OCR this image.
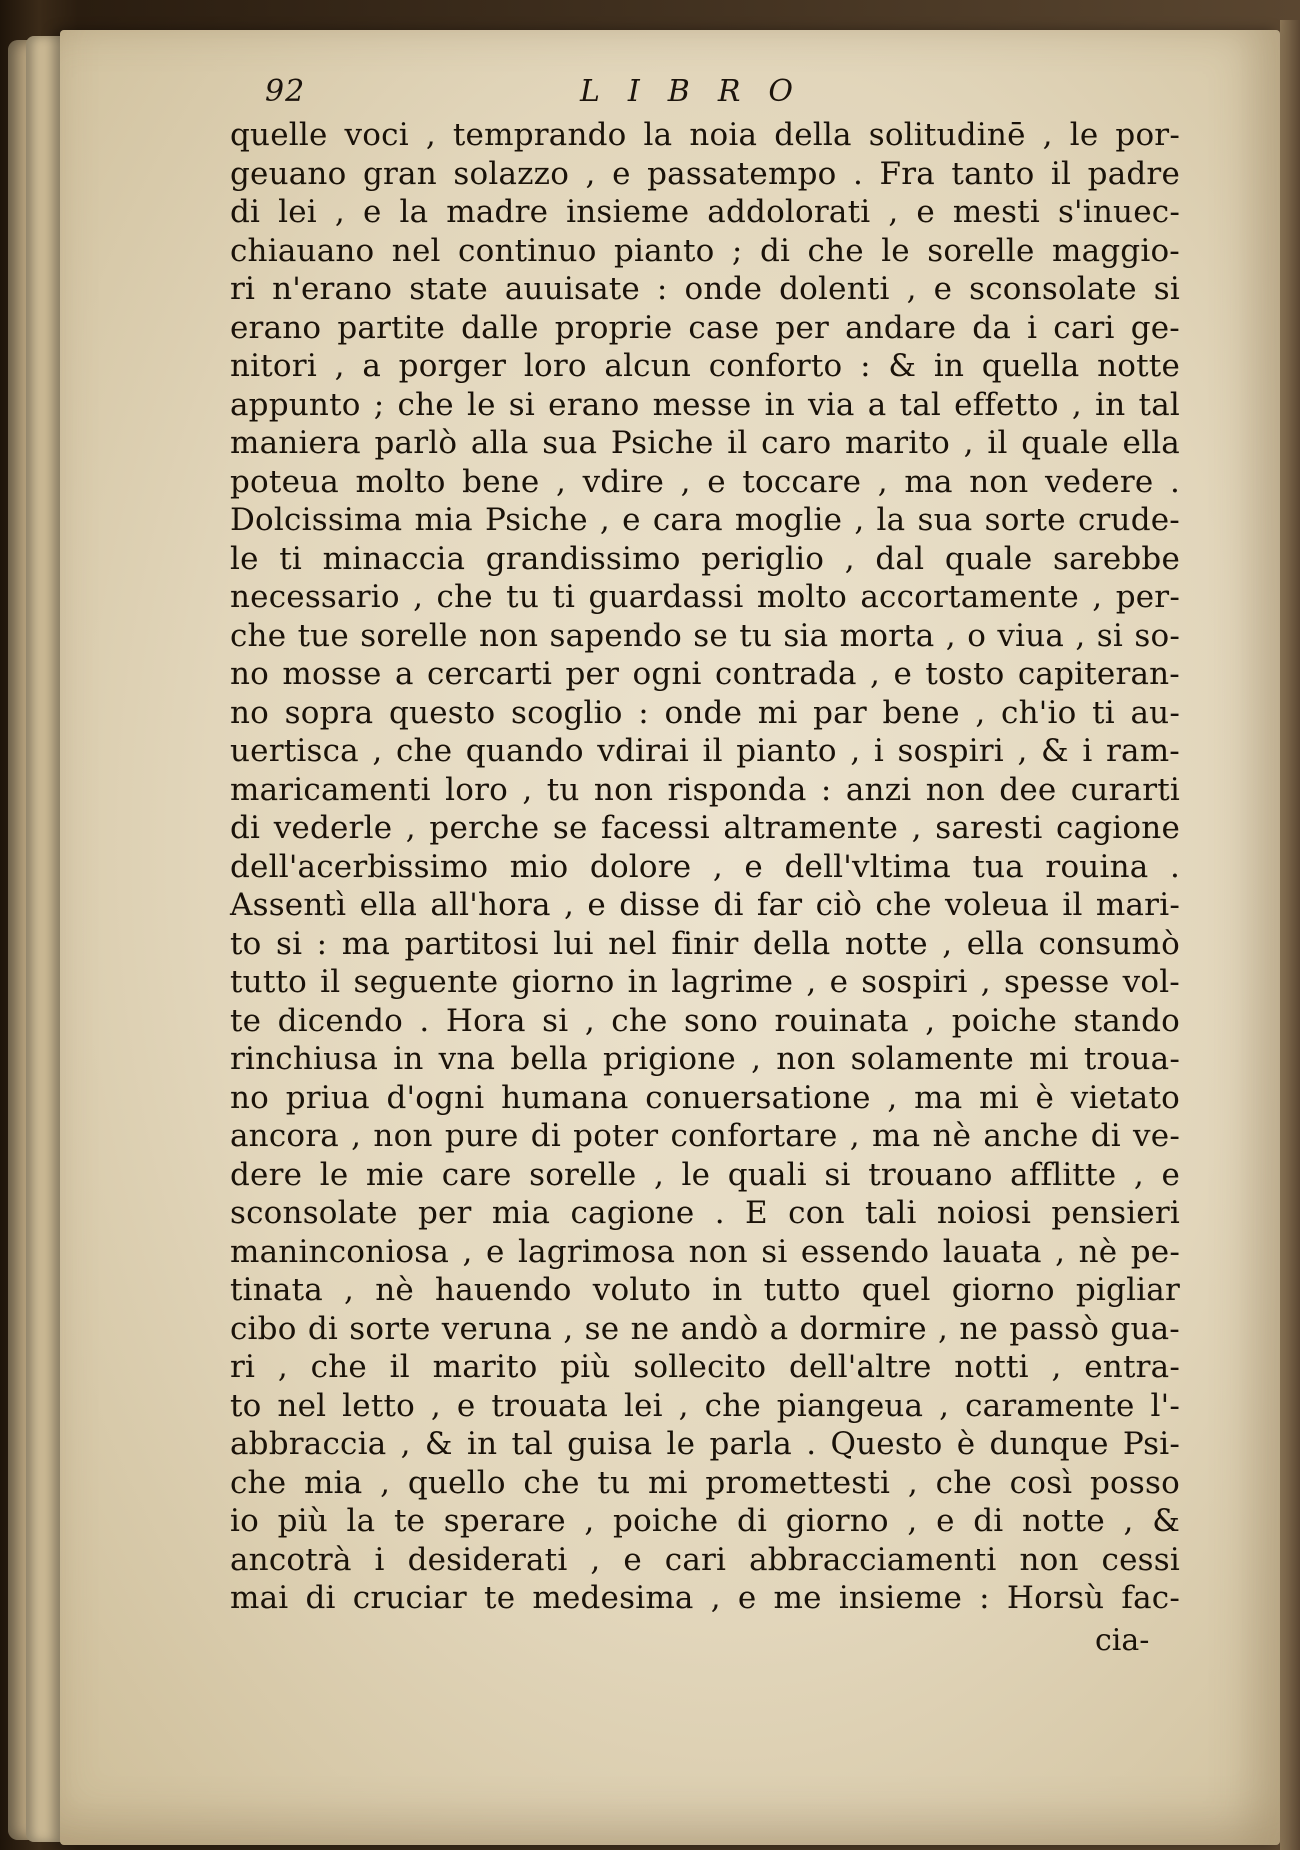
92	LIBRO
quelle voci , temprando la noia della solitudinē , le por-
geuano gran solazzo , e passatempo . Fra tanto il padre
di lei , e la madre insieme addolorati , e mesti s'inuec-
chiauano nel continuo pianto ; di che le sorelle maggio-
ri n'erano state auuisate : onde dolenti , e sconsolate si
erano partite dalle proprie case per andare da i cari ge-
nitori , a porger loro alcun conforto : & in quella notte
appunto ; che le si erano messe in via a tal effetto , in tal
maniera parlò alla sua Psiche il caro marito , il quale ella
poteua molto bene , vdire , e toccare , ma non vedere .
Dolcissima mia Psiche , e cara moglie , la sua sorte crude-
le ti minaccia grandissimo periglio , dal quale sarebbe
necessario , che tu ti guardassi molto accortamente , per-
che tue sorelle non sapendo se tu sia morta , o viua , si so-
no mosse a cercarti per ogni contrada , e tosto capiteran-
no sopra questo scoglio : onde mi par bene , ch'io ti au-
uertisca , che quando vdirai il pianto , i sospiri , & i ram-
maricamenti loro , tu non risponda : anzi non dee curarti
di vederle , perche se facessi altramente , saresti cagione
dell'acerbissimo mio dolore , e dell'vltima tua rouina .
Assentì ella all'hora , e disse di far ciò che voleua il mari-
to si : ma partitosi lui nel finir della notte , ella consumò
tutto il seguente giorno in lagrime , e sospiri , spesse vol-
te dicendo . Hora si , che sono rouinata , poiche stando
rinchiusa in vna bella prigione , non solamente mi troua-
no priua d'ogni humana conuersatione , ma mi è vietato
ancora , non pure di poter confortare , ma nè anche di ve-
dere le mie care sorelle , le quali si trouano afflitte , e
sconsolate per mia cagione . E con tali noiosi pensieri
maninconiosa , e lagrimosa non si essendo lauata , nè pe-
tinata , nè hauendo voluto in tutto quel giorno pigliar
cibo di sorte veruna , se ne andò a dormire , ne passò gua-
ri , che il marito più sollecito dell'altre notti , entra-
to nel letto , e trouata lei , che piangeua , caramente l'-
abbraccia , & in tal guisa le parla . Questo è dunque Psi-
che mia , quello che tu mi promettesti , che così posso
io più la te sperare , poiche di giorno , e di notte , &
ancotrà i desiderati , e cari abbracciamenti non cessi
mai di cruciar te medesima , e me insieme : Horsù fac-
cia-
